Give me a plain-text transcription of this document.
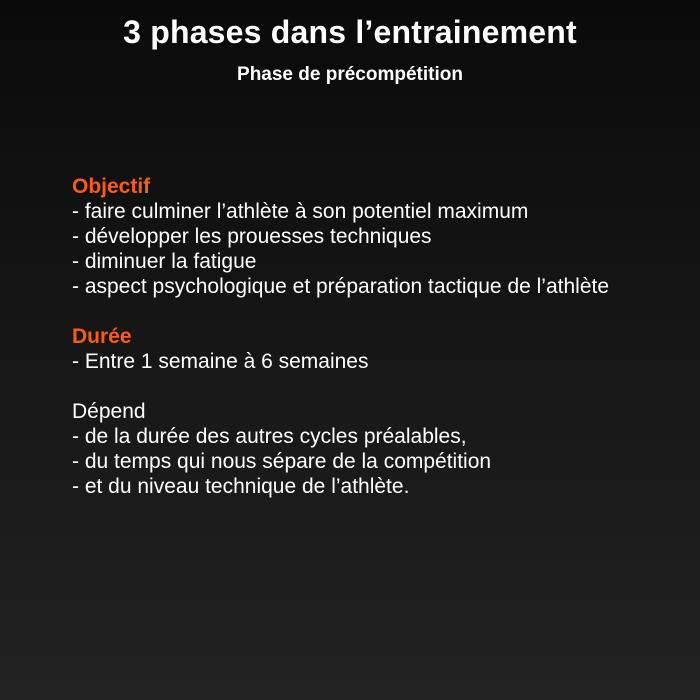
3 phases dans l’entrainement
Phase de précompétition
Objectif
- faire culminer l’athlète à son potentiel maximum
- développer les prouesses techniques
- diminuer la fatigue
- aspect psychologique et préparation tactique de l’athlète
Durée
- Entre 1 semaine à 6 semaines
Dépend
- de la durée des autres cycles préalables,
- du temps qui nous sépare de la compétition
- et du niveau technique de l’athlète.
